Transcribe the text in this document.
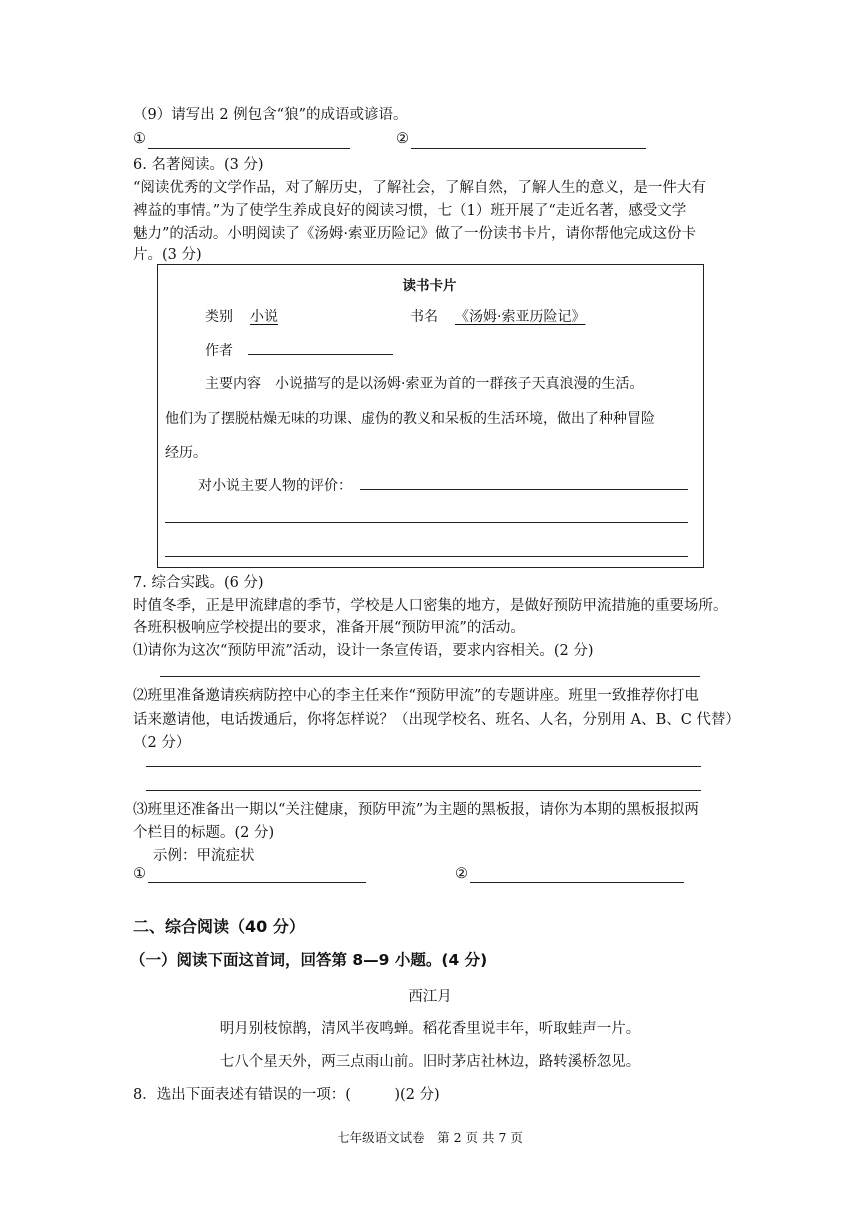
（9）请写出 2 例包含“狼”的成语或谚语。
①	②
6. 名著阅读。(3 分)
“阅读优秀的文学作品，对了解历史，了解社会，了解自然，了解人生的意义，是一件大有
裨益的事情。”为了使学生养成良好的阅读习惯，七（1）班开展了“走近名著，感受文学
魅力”的活动。小明阅读了《汤姆·索亚历险记》做了一份读书卡片，请你帮他完成这份卡
片。(3 分)
读书卡片
类别 小说	书名 《汤姆·索亚历险记》
作者
主要内容　小说描写的是以汤姆·索亚为首的一群孩子天真浪漫的生活。
他们为了摆脱枯燥无味的功课、虚伪的教义和呆板的生活环境，做出了种种冒险
经历。
对小说主要人物的评价：
7. 综合实践。(6 分)
时值冬季，正是甲流肆虐的季节，学校是人口密集的地方，是做好预防甲流措施的重要场所。
各班积极响应学校提出的要求，准备开展“预防甲流”的活动。
⑴请你为这次“预防甲流”活动，设计一条宣传语，要求内容相关。(2 分)
⑵班里准备邀请疾病防控中心的李主任来作“预防甲流”的专题讲座。班里一致推荐你打电
话来邀请他，电话拨通后，你将怎样说？（出现学校名、班名、人名，分别用 A、B、C 代替）
（2 分）
⑶班里还准备出一期以“关注健康，预防甲流”为主题的黑板报，请你为本期的黑板报拟两
个栏目的标题。(2 分)
示例：甲流症状
①	②
二、综合阅读（40 分）
（一）阅读下面这首词，回答第 8—9 小题。(4 分)
西江月
明月别枝惊鹊，清风半夜鸣蝉。稻花香里说丰年，听取蛙声一片。
七八个星天外，两三点雨山前。旧时茅店社林边，路转溪桥忽见。
8．选出下面表述有错误的一项：(　　　)(2 分)
七年级语文试卷　第 2 页 共 7 页
